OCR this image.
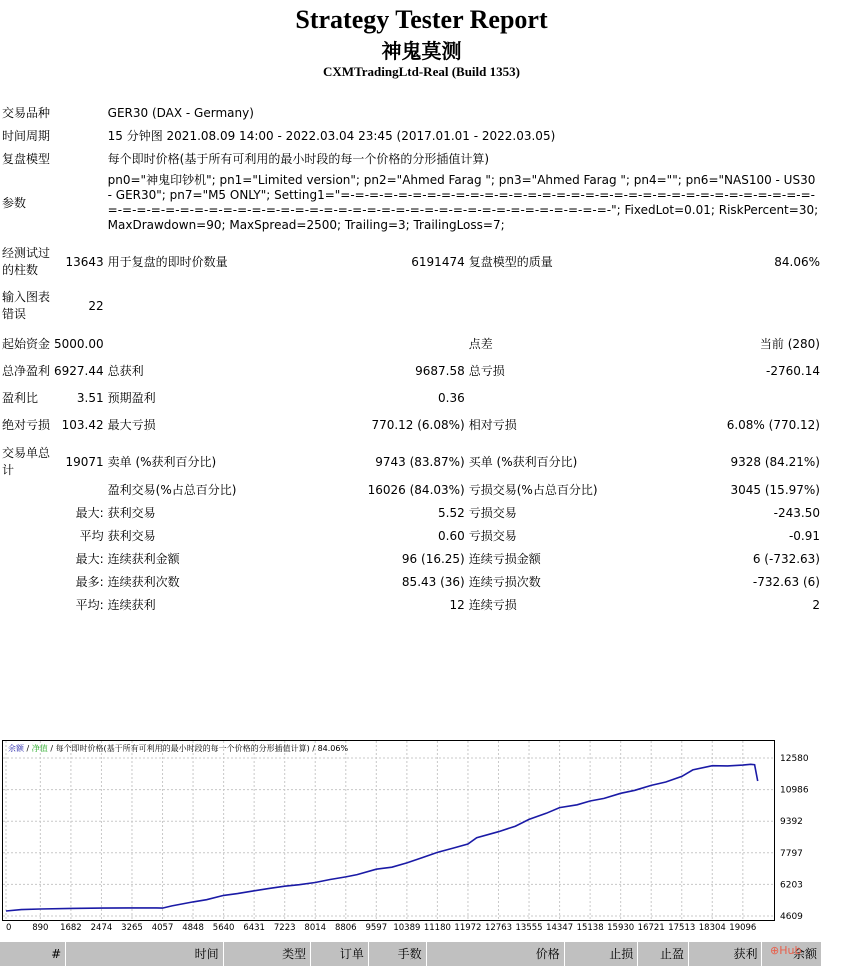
Strategy Tester Report
神鬼莫测
CXMTradingLtd-Real (Build 1353)
交易品种		GER30 (DAX - Germany)			
时间周期		15 分钟图 2021.08.09 14:00 - 2022.03.04 23:45 (2017.01.01 - 2022.03.05)			
复盘模型		每个即时价格(基于所有可利用的最小时段的每一个价格的分形插值计算)			
参数		pn0="神鬼印钞机"; pn1="Limited version"; pn2="Ahmed Farag "; pn3="Ahmed Farag "; pn4=""; pn6="NAS100 - US30 - GER30"; pn7="M5 ONLY"; Setting1="=-=-=-=-=-=-=-=-=-=-=-=-=-=-=-=-=-=-=-=-=-=-=-=-=-=-=-=-=-=-=-=-=-=-=-=-=-=-=-=-=-=-=-=-=-=-=-=-=-=-=-=-=-=-=-=-=-=-=-=-=-=-=-=-=-=-=-=-"; FixedLot=0.01; RiskPercent=30; MaxDrawdown=90; MaxSpread=2500; Trailing=3; TrailingLoss=7;			

经测试过的柱数	13643	用于复盘的即时价数量	6191474	复盘模型的质量	84.06%

输入图表错误	22				

起始资金	5000.00			点差	当前 (280)

总净盈利	6927.44	总获利	9687.58	总亏损	-2760.14

盈利比	3.51	预期盈利	0.36		

绝对亏损	103.42	最大亏损	770.12 (6.08%)	相对亏损	6.08% (770.12)

交易单总计	19071	卖单 (%获利百分比)	9743 (83.87%)	买单 (%获利百分比)	9328 (84.21%)
		盈利交易(%占总百分比)	16026 (84.03%)	亏损交易(%占总百分比)	3045 (15.97%)
	最大:	获利交易	5.52	亏损交易	-243.50
	平均	获利交易	0.60	亏损交易	-0.91
	最大:	连续获利金额	96 (16.25)	连续亏损金额	6 (-732.63)
	最多:	连续获利次数	85.43 (36)	连续亏损次数	-732.63 (6)
	平均:	连续获利	12	连续亏损	2
余额 / 净值 / 每个即时价格(基于所有可利用的最小时段的每一个价格的分形插值计算) / 84.06%
12580
10986
9392
7797
6203
4609
0 890 1682 2474 3265 4057 4848 5640 6431 7223 8014 8806 9597 10389 11180 11972 12763 13555 14347 15138 15930 16721 17513 18304 19096
#	时间	类型	订单	手数	价格	止损	止盈	获利	余额
⊕Hub
